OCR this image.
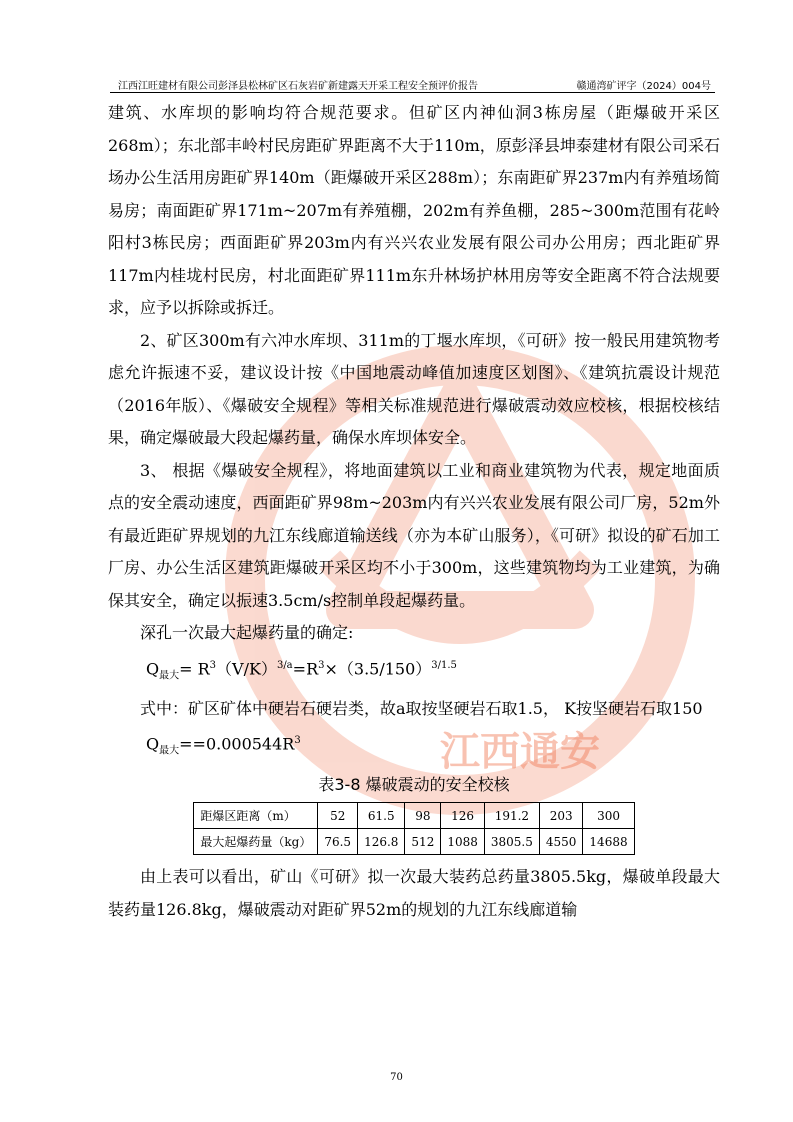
江西通安
江西江旺建材有限公司彭泽县松林矿区石灰岩矿新建露天开采工程安全预评价报告	赣通湾矿评字（2024）004号

建筑、水库坝的影响均符合规范要求。但矿区内神仙洞3栋房屋（距爆破开采区268m）；东北部丰岭村民房距矿界距离不大于110m，原彭泽县坤泰建材有限公司采石场办公生活用房距矿界140m（距爆破开采区288m）；东南距矿界237m内有养殖场简易房；南面距矿界171m~207m有养殖棚，202m有养鱼棚，285~300m范围有花岭阳村3栋民房；西面距矿界203m内有兴兴农业发展有限公司办公用房；西北距矿界117m内桂垅村民房，村北面距矿界111m东升林场护林用房等安全距离不符合法规要求，应予以拆除或拆迁。

2、矿区300m有六冲水库坝、311m的丁堰水库坝，《可研》按一般民用建筑物考虑允许振速不妥，建议设计按《中国地震动峰值加速度区划图》、《建筑抗震设计规范（2016年版）、《爆破安全规程》等相关标准规范进行爆破震动效应校核，根据校核结果，确定爆破最大段起爆药量，确保水库坝体安全。

3、 根据《爆破安全规程》，将地面建筑以工业和商业建筑物为代表，规定地面质点的安全震动速度，西面距矿界98m~203m内有兴兴农业发展有限公司厂房，52m外有最近距矿界规划的九江东线廊道输送线（亦为本矿山服务），《可研》拟设的矿石加工厂房、办公生活区建筑距爆破开采区均不小于300m，这些建筑物均为工业建筑，为确保其安全，确定以振速3.5cm/s控制单段起爆药量。

深孔一次最大起爆药量的确定:

$Q_{最大}= R^3(V/K)^{3/a}=R^3\times(3.5/150)^{3/1.5}$

式中：矿区矿体中硬岩石硬岩类，故a取按坚硬岩石取1.5， K按坚硬岩石取150

$Q_{最大}==0.000544R^3$

表3-8 爆破震动的安全校核

距爆区距离（m）	52	61.5	98	126	191.2	203	300
最大起爆药量（kg）	76.5	126.8	512	1088	3805.5	4550	14688

由上表可以看出，矿山《可研》拟一次最大装药总药量3805.5kg，爆破单段最大装药量126.8kg，爆破震动对距矿界52m的规划的九江东线廊道输

70
